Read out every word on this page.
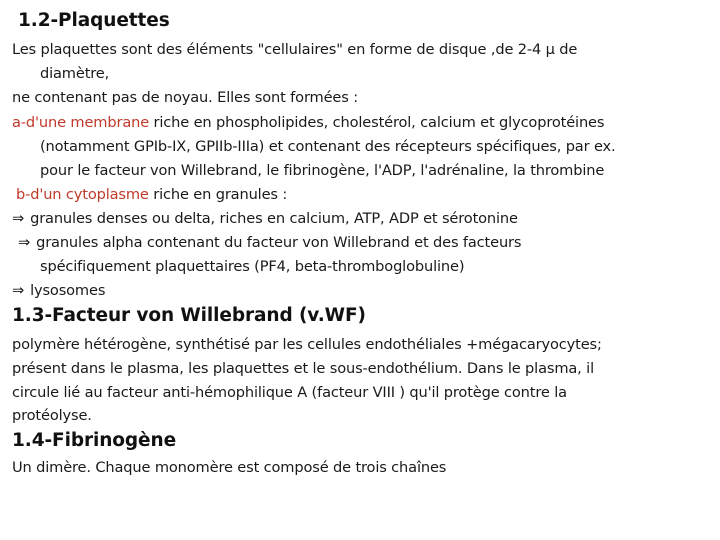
1.2-Plaquettes
Les plaquettes sont des éléments "cellulaires" en forme de disque ,de 2-4 µ de
diamètre,
ne contenant pas de noyau. Elles sont formées :
a-d'une membrane riche en phospholipides, cholestérol, calcium et glycoprotéines
(notamment GPIb-IX, GPIIb-IIIa) et contenant des récepteurs spécifiques, par ex.
pour le facteur von Willebrand, le fibrinogène, l'ADP, l'adrénaline, la thrombine
b-d'un cytoplasme riche en granules :
⇒ granules denses ou delta, riches en calcium, ATP, ADP et sérotonine
⇒ granules alpha contenant du facteur von Willebrand et des facteurs
spécifiquement plaquettaires (PF4, beta-thromboglobuline)
⇒ lysosomes
1.3-Facteur von Willebrand (v.WF)
polymère hétérogène, synthétisé par les cellules endothéliales +mégacaryocytes;
présent dans le plasma, les plaquettes et le sous-endothélium. Dans le plasma, il
circule lié au facteur anti-hémophilique A (facteur VIII ) qu'il protège contre la
protéolyse.
1.4-Fibrinogène
Un dimère. Chaque monomère est composé de trois chaînes
